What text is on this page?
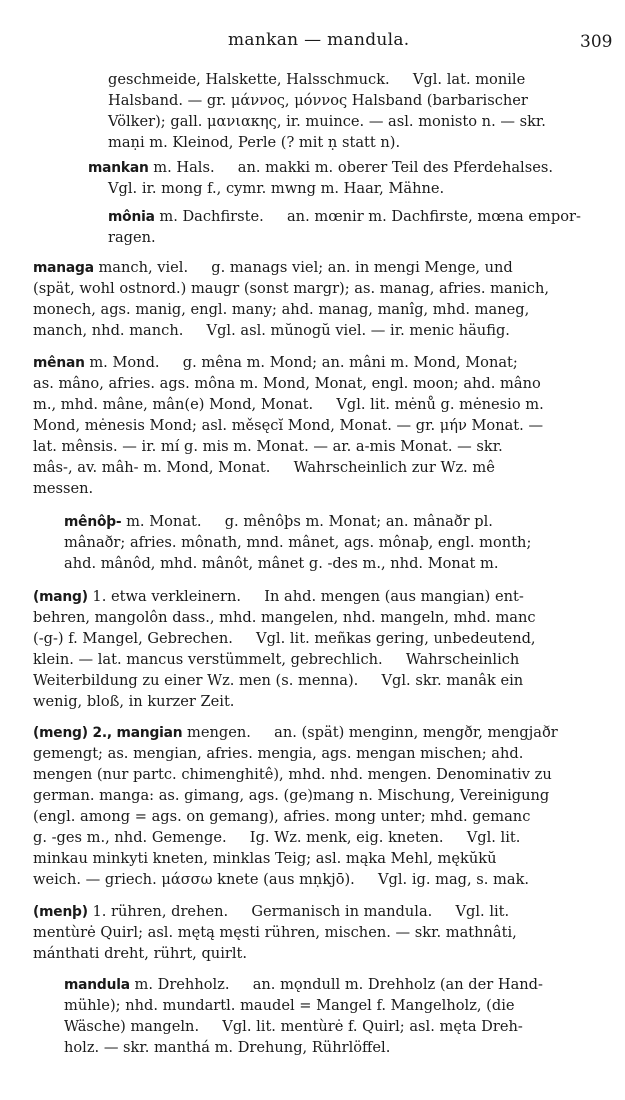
mankan — mandula.	309
geschmeide, Halskette, Halsschmuck.     Vgl. lat. monile
Halsband. — gr. μάννος, μόννος Halsband (barbarischer
Völker); gall. μανιακης, ir. muince. — asl. monisto n. — skr.
maṇi m. Kleinod, Perle (? mit ṇ statt n).
mankan m. Hals.     an. makki m. oberer Teil des Pferdehalses.
Vgl. ir. mong f., cymr. mwng m. Haar, Mähne.
mônia m. Dachfirste.     an. mœnir m. Dachfirste, mœna empor-
ragen.
managa manch, viel.     g. manags viel; an. in mengi Menge, und
(spät, wohl ostnord.) maugr (sonst margr); as. manag, afries. manich,
monech, ags. manig, engl. many; ahd. manag, manîg, mhd. maneg,
manch, nhd. manch.     Vgl. asl. mŭnogŭ viel. — ir. menic häufig.
mênan m. Mond.     g. mêna m. Mond; an. mâni m. Mond, Monat;
as. mâno, afries. ags. môna m. Mond, Monat, engl. moon; ahd. mâno
m., mhd. mâne, mân(e) Mond, Monat.     Vgl. lit. mėnů g. mėnesio m.
Mond, mėnesis Mond; asl. měsęcĭ Mond, Monat. — gr. μήν Monat. —
lat. mênsis. — ir. mí g. mis m. Monat. — ar. a-mis Monat. — skr.
mâs-, av. mâh- m. Mond, Monat.     Wahrscheinlich zur Wz. mê
messen.
mênôþ- m. Monat.     g. mênôþs m. Monat; an. mânaðr pl.
mânaðr; afries. mônath, mnd. mânet, ags. mônaþ, engl. month;
ahd. mânôd, mhd. mânôt, mânet g. -des m., nhd. Monat m.
(mang) 1. etwa verkleinern.     In ahd. mengen (aus mangian) ent-
behren, mangolôn dass., mhd. mangelen, nhd. mangeln, mhd. manc
(-g-) f. Mangel, Gebrechen.     Vgl. lit. meñkas gering, unbedeutend,
klein. — lat. mancus verstümmelt, gebrechlich.     Wahrscheinlich
Weiterbildung zu einer Wz. men (s. menna).     Vgl. skr. manâk ein
wenig, bloß, in kurzer Zeit.
(meng) 2., mangian mengen.     an. (spät) menginn, mengðr, mengjaðr
gemengt; as. mengian, afries. mengia, ags. mengan mischen; ahd.
mengen (nur partc. chimenghitê), mhd. nhd. mengen. Denominativ zu
german. manga: as. gimang, ags. (ge)mang n. Mischung, Vereinigung
(engl. among = ags. on gemang), afries. mong unter; mhd. gemanc
g. -ges m., nhd. Gemenge.     Ig. Wz. menk, eig. kneten.     Vgl. lit.
minkau minkyti kneten, minklas Teig; asl. mąka Mehl, mękŭkŭ
weich. — griech. μάσσω knete (aus mṇkjō).     Vgl. ig. mag, s. mak.
(menþ) 1. rühren, drehen.     Germanisch in mandula.     Vgl. lit.
mentùrė Quirl; asl. mętą męsti rühren, mischen. — skr. mathnâti,
mánthati dreht, rührt, quirlt.
mandula m. Drehholz.     an. mǫndull m. Drehholz (an der Hand-
mühle); nhd. mundartl. maudel = Mangel f. Mangelholz, (die
Wäsche) mangeln.     Vgl. lit. mentùrė f. Quirl; asl. męta Dreh-
holz. — skr. manthá m. Drehung, Rührlöffel.
